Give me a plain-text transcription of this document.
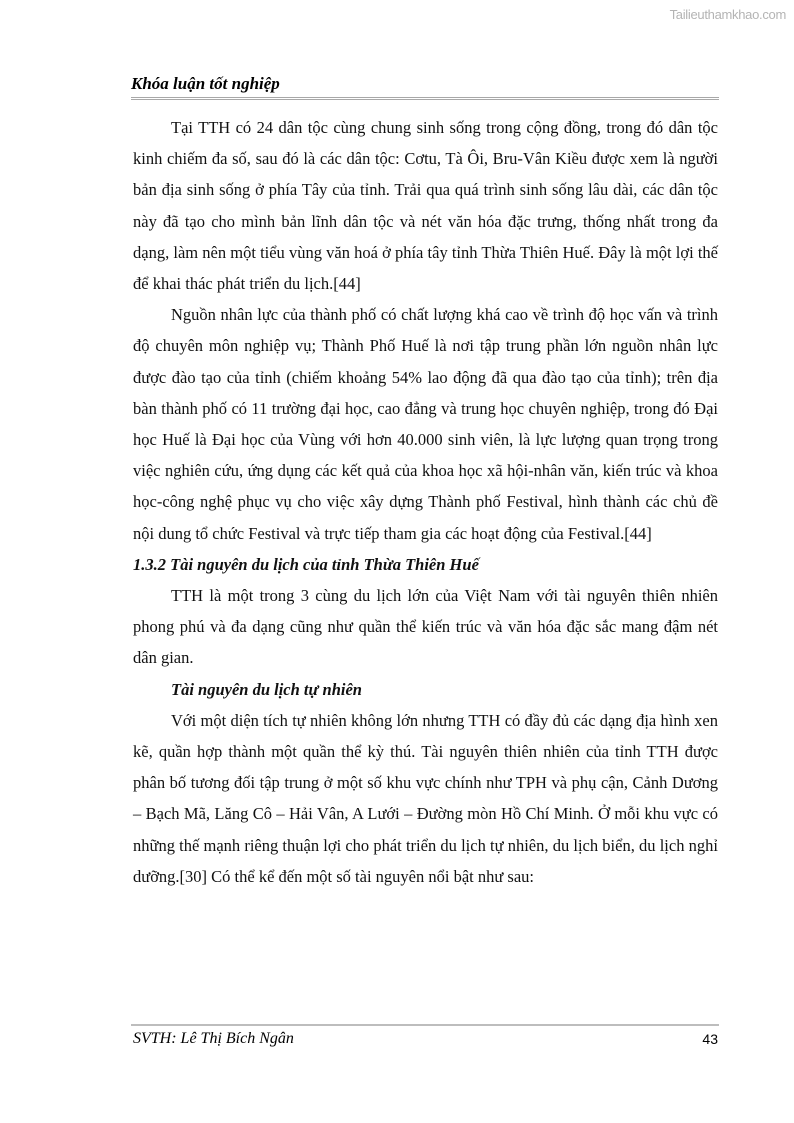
Tailieuthamkhao.com
Khóa luận tốt nghiệp

Tại TTH có 24 dân tộc cùng chung sinh sống trong cộng đồng, trong đó dân tộc kinh chiếm đa số, sau đó là các dân tộc: Cơtu, Tà Ôi, Bru-Vân Kiều được xem là người bản địa sinh sống ở phía Tây của tỉnh. Trải qua quá trình sinh sống lâu dài, các dân tộc này đã tạo cho mình bản lĩnh dân tộc và nét văn hóa đặc trưng, thống nhất trong đa dạng, làm nên một tiểu vùng văn hoá ở phía tây tỉnh Thừa Thiên Huế. Đây là một lợi thế để khai thác phát triển du lịch.[44]

Nguồn nhân lực của thành phố có chất lượng khá cao về trình độ học vấn và trình độ chuyên môn nghiệp vụ; Thành Phố Huế là nơi tập trung phần lớn nguồn nhân lực được đào tạo của tỉnh (chiếm khoảng 54% lao động đã qua đào tạo của tỉnh); trên địa bàn thành phố có 11 trường đại học, cao đẳng và trung học chuyên nghiệp, trong đó Đại học Huế là Đại học của Vùng với hơn 40.000 sinh viên, là lực lượng quan trọng trong việc nghiên cứu, ứng dụng các kết quả của khoa học xã hội-nhân văn, kiến trúc và khoa học-công nghệ phục vụ cho việc xây dựng Thành phố Festival, hình thành các chủ đề nội dung tổ chức Festival và trực tiếp tham gia các hoạt động của Festival.[44]

1.3.2 Tài nguyên du lịch của tỉnh Thừa Thiên Huế

TTH là một trong 3 cùng du lịch lớn của Việt Nam với tài nguyên thiên nhiên phong phú và đa dạng cũng như quần thể kiến trúc và văn hóa đặc sắc mang đậm nét dân gian.

Tài nguyên du lịch tự nhiên

Với một diện tích tự nhiên không lớn nhưng TTH có đầy đủ các dạng địa hình xen kẽ, quần hợp thành một quần thể kỳ thú. Tài nguyên thiên nhiên của tỉnh TTH được phân bố tương đối tập trung ở một số khu vực chính như TPH và phụ cận, Cảnh Dương – Bạch Mã, Lăng Cô – Hải Vân, A Lưới – Đường mòn Hồ Chí Minh. Ở mỗi khu vực có những thế mạnh riêng thuận lợi cho phát triển du lịch tự nhiên, du lịch biển, du lịch nghỉ dưỡng.[30] Có thể kể đến một số tài nguyên nổi bật như sau:

SVTH: Lê Thị Bích Ngân	43
